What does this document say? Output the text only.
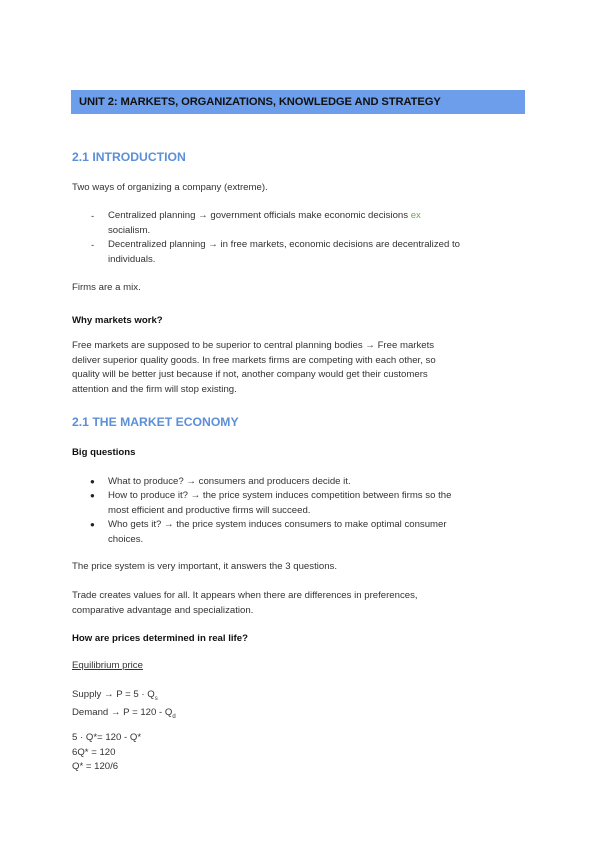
UNIT 2: MARKETS, ORGANIZATIONS, KNOWLEDGE AND STRATEGY
2.1 INTRODUCTION
Two ways of organizing a company (extreme).
- Centralized planning → government officials make economic decisions ex
socialism.
- Decentralized planning → in free markets, economic decisions are decentralized to
individuals.
Firms are a mix.
Why markets work?
Free markets are supposed to be superior to central planning bodies → Free markets
deliver superior quality goods. In free markets firms are competing with each other, so
quality will be better just because if not, another company would get their customers
attention and the firm will stop existing.
2.1 THE MARKET ECONOMY
Big questions
● What to produce? → consumers and producers decide it.
● How to produce it? → the price system induces competition between firms so the
most efficient and productive firms will succeed.
● Who gets it? → the price system induces consumers to make optimal consumer
choices.
The price system is very important, it answers the 3 questions.
Trade creates values for all. It appears when there are differences in preferences,
comparative advantage and specialization.
How are prices determined in real life?
Equilibrium price
Supply → $P = 5 \cdot Q_s$
Demand → $P = 120 - Q_d$
5 · Q*= 120 - Q*
6Q* = 120
Q* = 120/6
